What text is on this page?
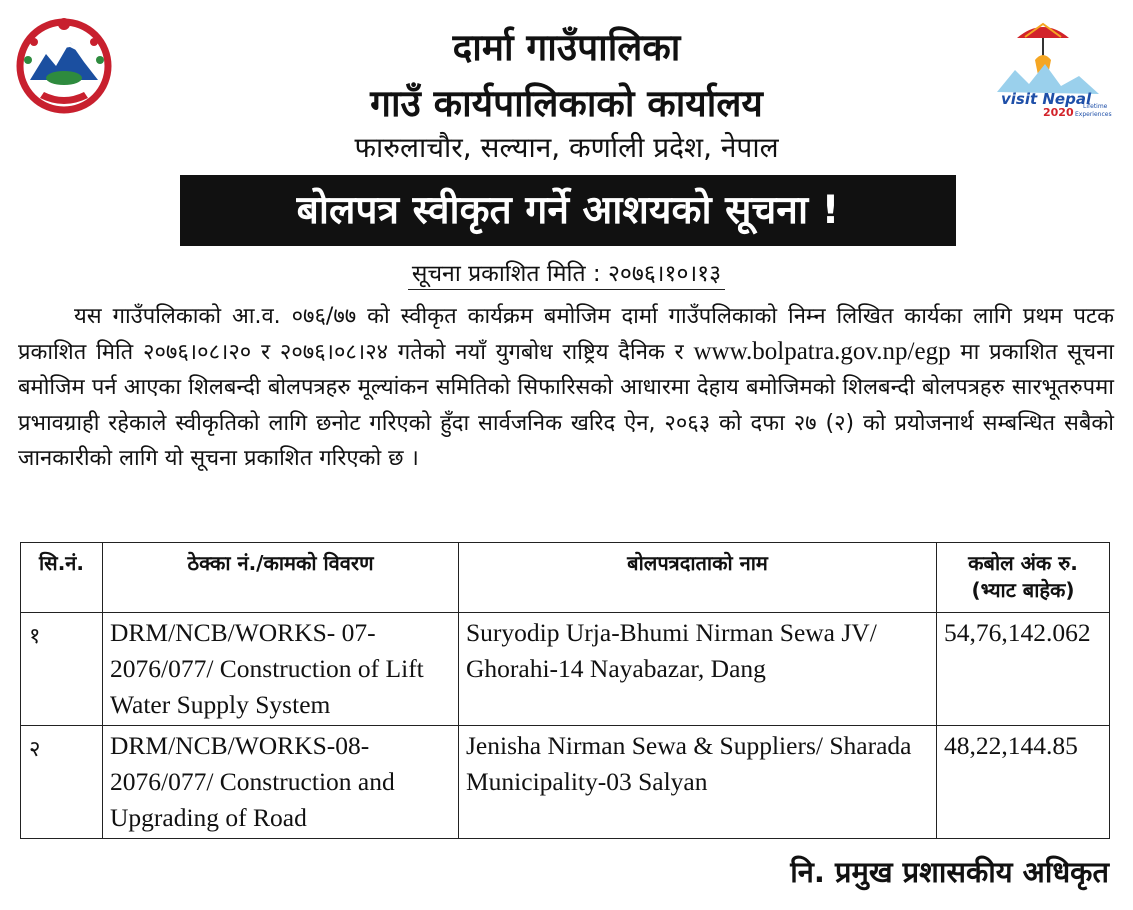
visit Nepal
2020 Lifetime
Experiences
दार्मा गाउँपालिका
गाउँ कार्यपालिकाको कार्यालय
फारुलाचौर, सल्यान, कर्णाली प्रदेश, नेपाल
बोलपत्र स्वीकृत गर्ने आशयको सूचना !
सूचना प्रकाशित मिति : २०७६।१०।१३

यस गाउँपलिकाको आ.व. ०७६/७७ को स्वीकृत कार्यक्रम बमोजिम दार्मा गाउँपलिकाको निम्न लिखित कार्यका लागि प्रथम पटक प्रकाशित मिति २०७६।०८।२० र २०७६।०८।२४ गतेको नयाँ युगबोध राष्ट्रिय दैनिक र www.bolpatra.gov.np/egp मा प्रकाशित सूचना बमोजिम पर्न आएका शिलबन्दी बोलपत्रहरु मूल्यांकन समितिको सिफारिसको आधारमा देहाय बमोजिमको शिलबन्दी बोलपत्रहरु सारभूतरुपमा प्रभावग्राही रहेकाले स्वीकृतिको लागि छनोट गरिएको हुँदा सार्वजनिक खरिद ऐन, २०६३ को दफा २७ (२) को प्रयोजनार्थ सम्बन्धित सबैको जानकारीको लागि यो सूचना प्रकाशित गरिएको छ ।

सि.नं.	ठेक्का नं./कामको विवरण	बोलपत्रदाताको नाम	कबोल अंक रु.
(भ्याट बाहेक)

१	DRM/NCB/WORKS- 07-2076/077/ Construction of Lift Water Supply System	Suryodip Urja-Bhumi Nirman Sewa JV/ Ghorahi-14 Nayabazar, Dang	54,76,142.062
२	DRM/NCB/WORKS-08-2076/077/ Construction and Upgrading of Road	Jenisha Nirman Sewa & Suppliers/ Sharada Municipality-03 Salyan	48,22,144.85
नि. प्रमुख प्रशासकीय अधिकृत
